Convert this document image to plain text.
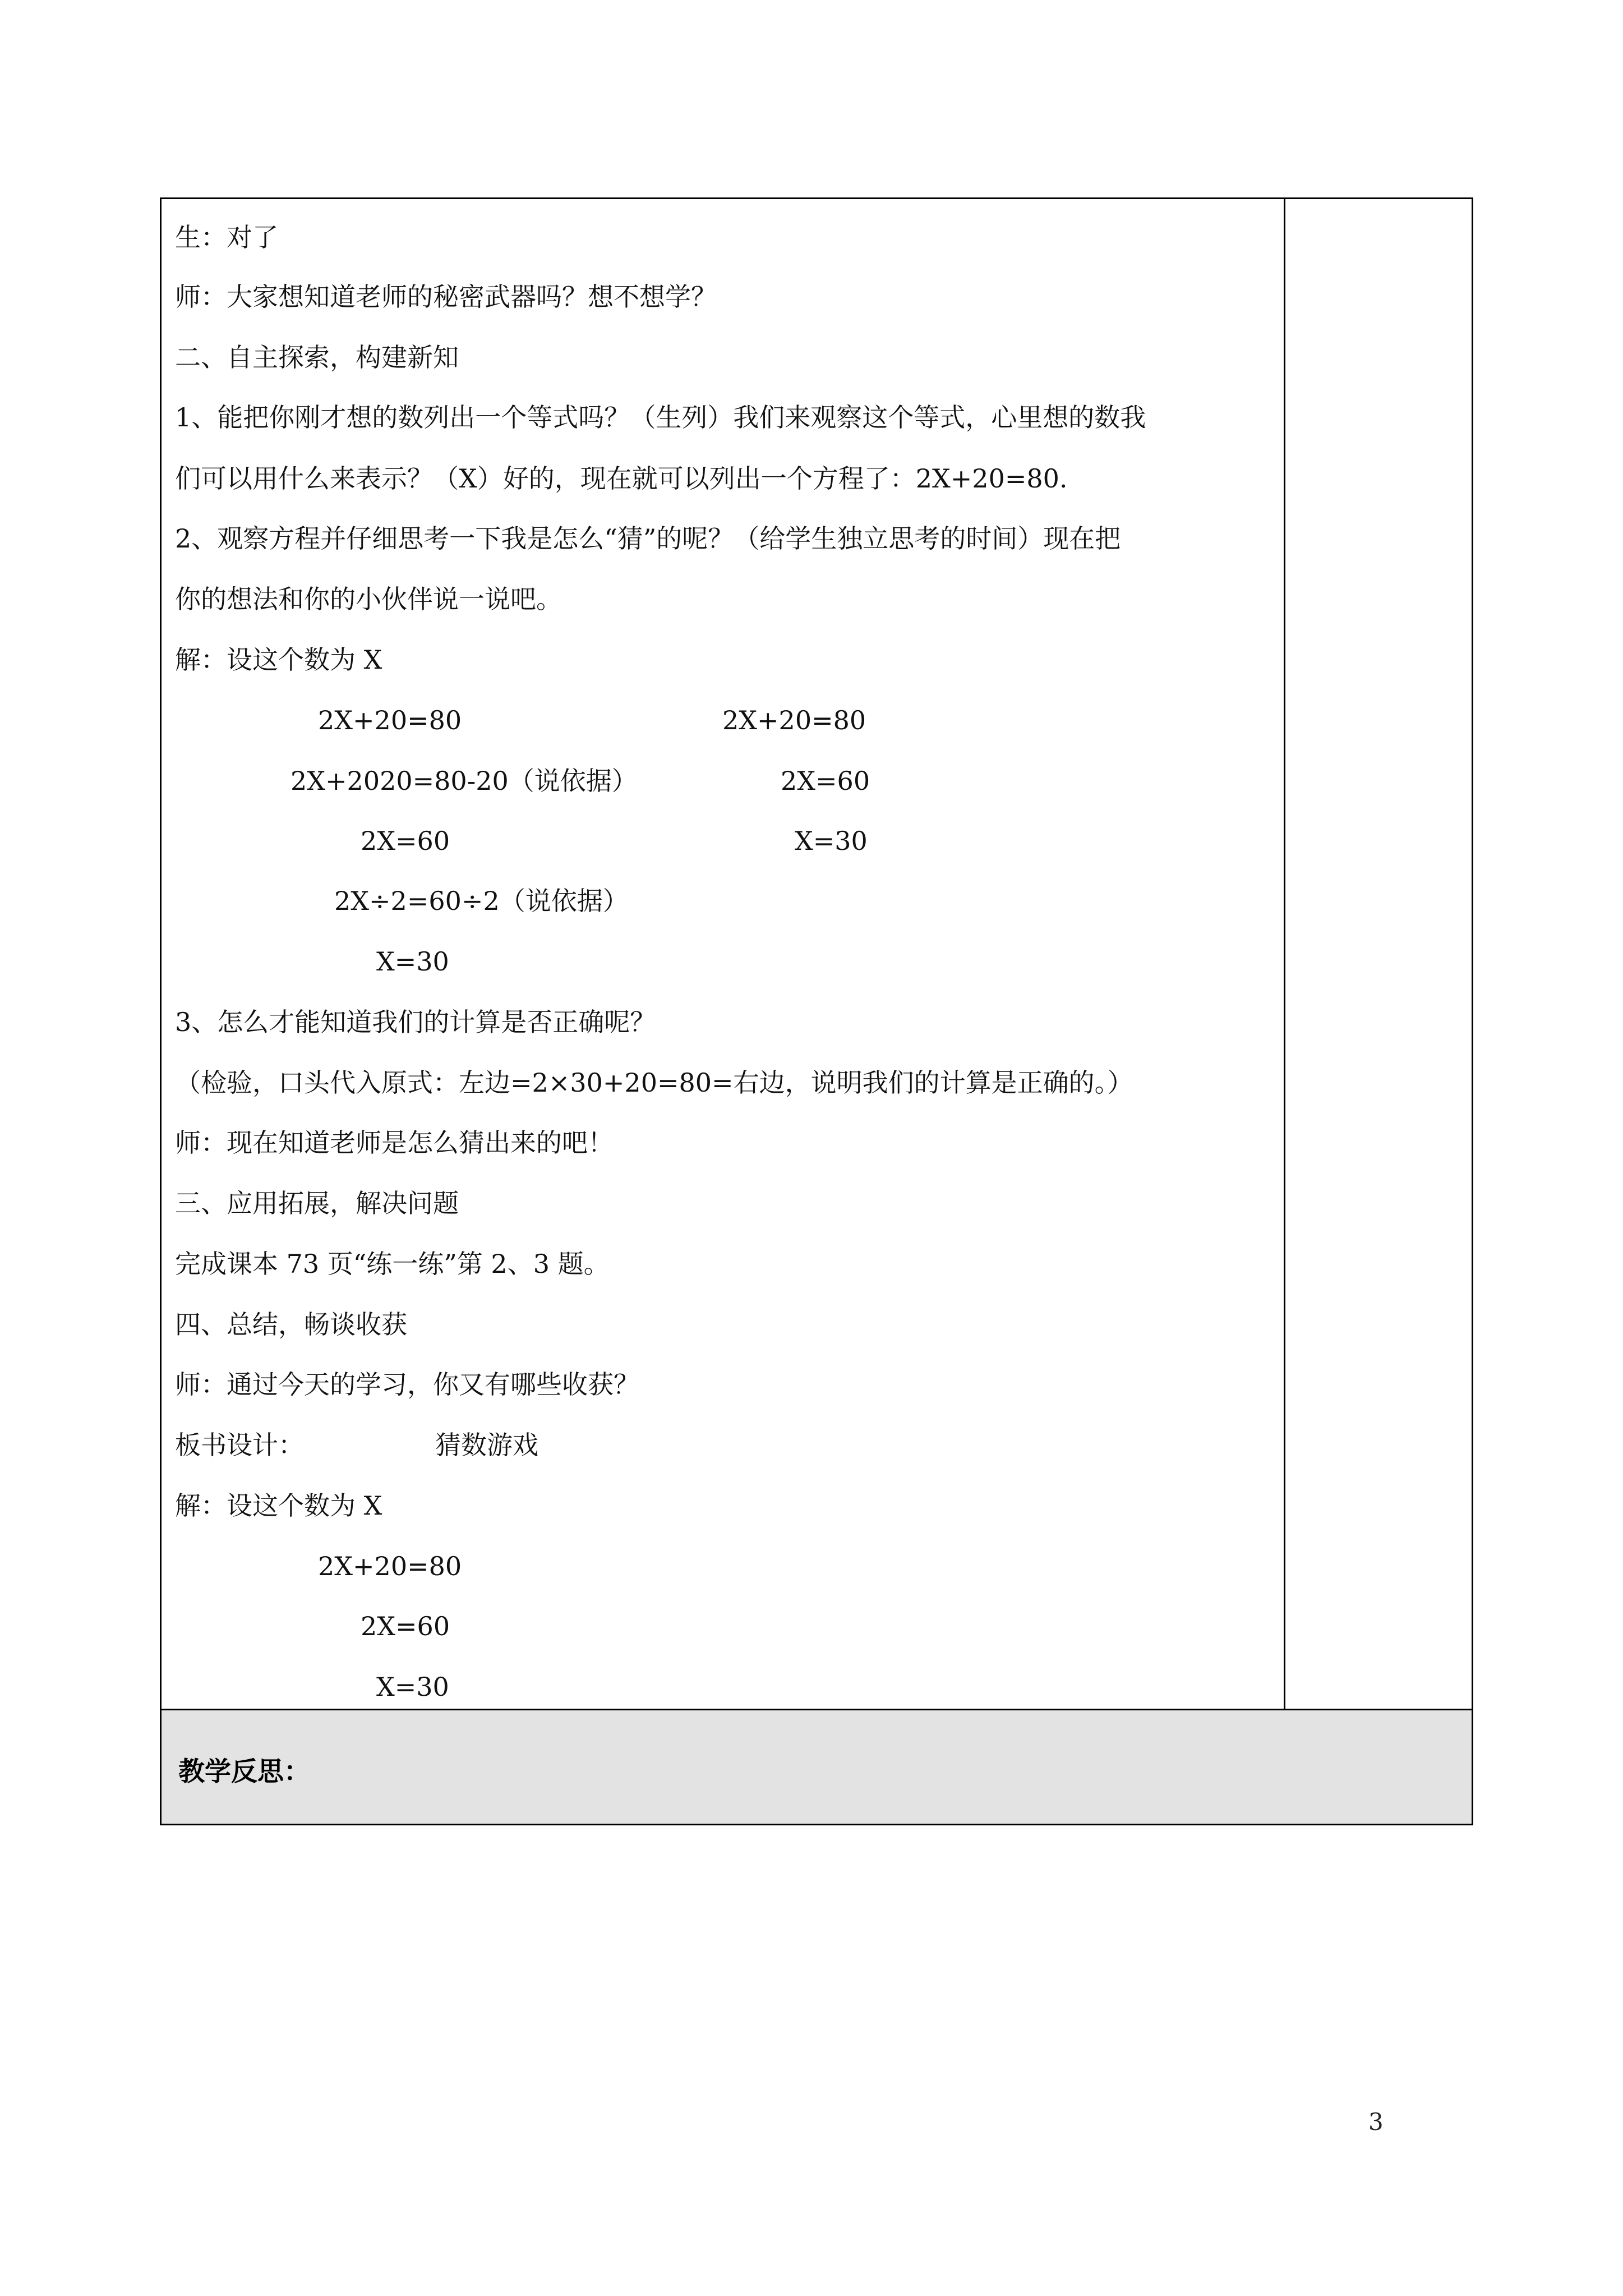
生：对了
师：大家想知道老师的秘密武器吗？想不想学？
二、自主探索，构建新知
1、能把你刚才想的数列出一个等式吗？（生列）我们来观察这个等式，心里想的数我
们可以用什么来表示？（X）好的，现在就可以列出一个方程了：2X+20=80.
2、观察方程并仔细思考一下我是怎么“猜”的呢？（给学生独立思考的时间）现在把
你的想法和你的小伙伴说一说吧。
解：设这个数为 X
2X+20=80
2X+2020=80-20（说依据）
2X=60
2X÷2=60÷2（说依据）
X=30
2X+20=80
2X=60
X=30
3、怎么才能知道我们的计算是否正确呢？
（检验，口头代入原式：左边=2×30+20=80=右边，说明我们的计算是正确的。）
师：现在知道老师是怎么猜出来的吧！
三、应用拓展，解决问题
完成课本 73 页“练一练”第 2、3 题。
四、总结，畅谈收获
师：通过今天的学习，你又有哪些收获？
板书设计：	猜数游戏
解：设这个数为 X
2X+20=80
2X=60
X=30
教学反思：
3
